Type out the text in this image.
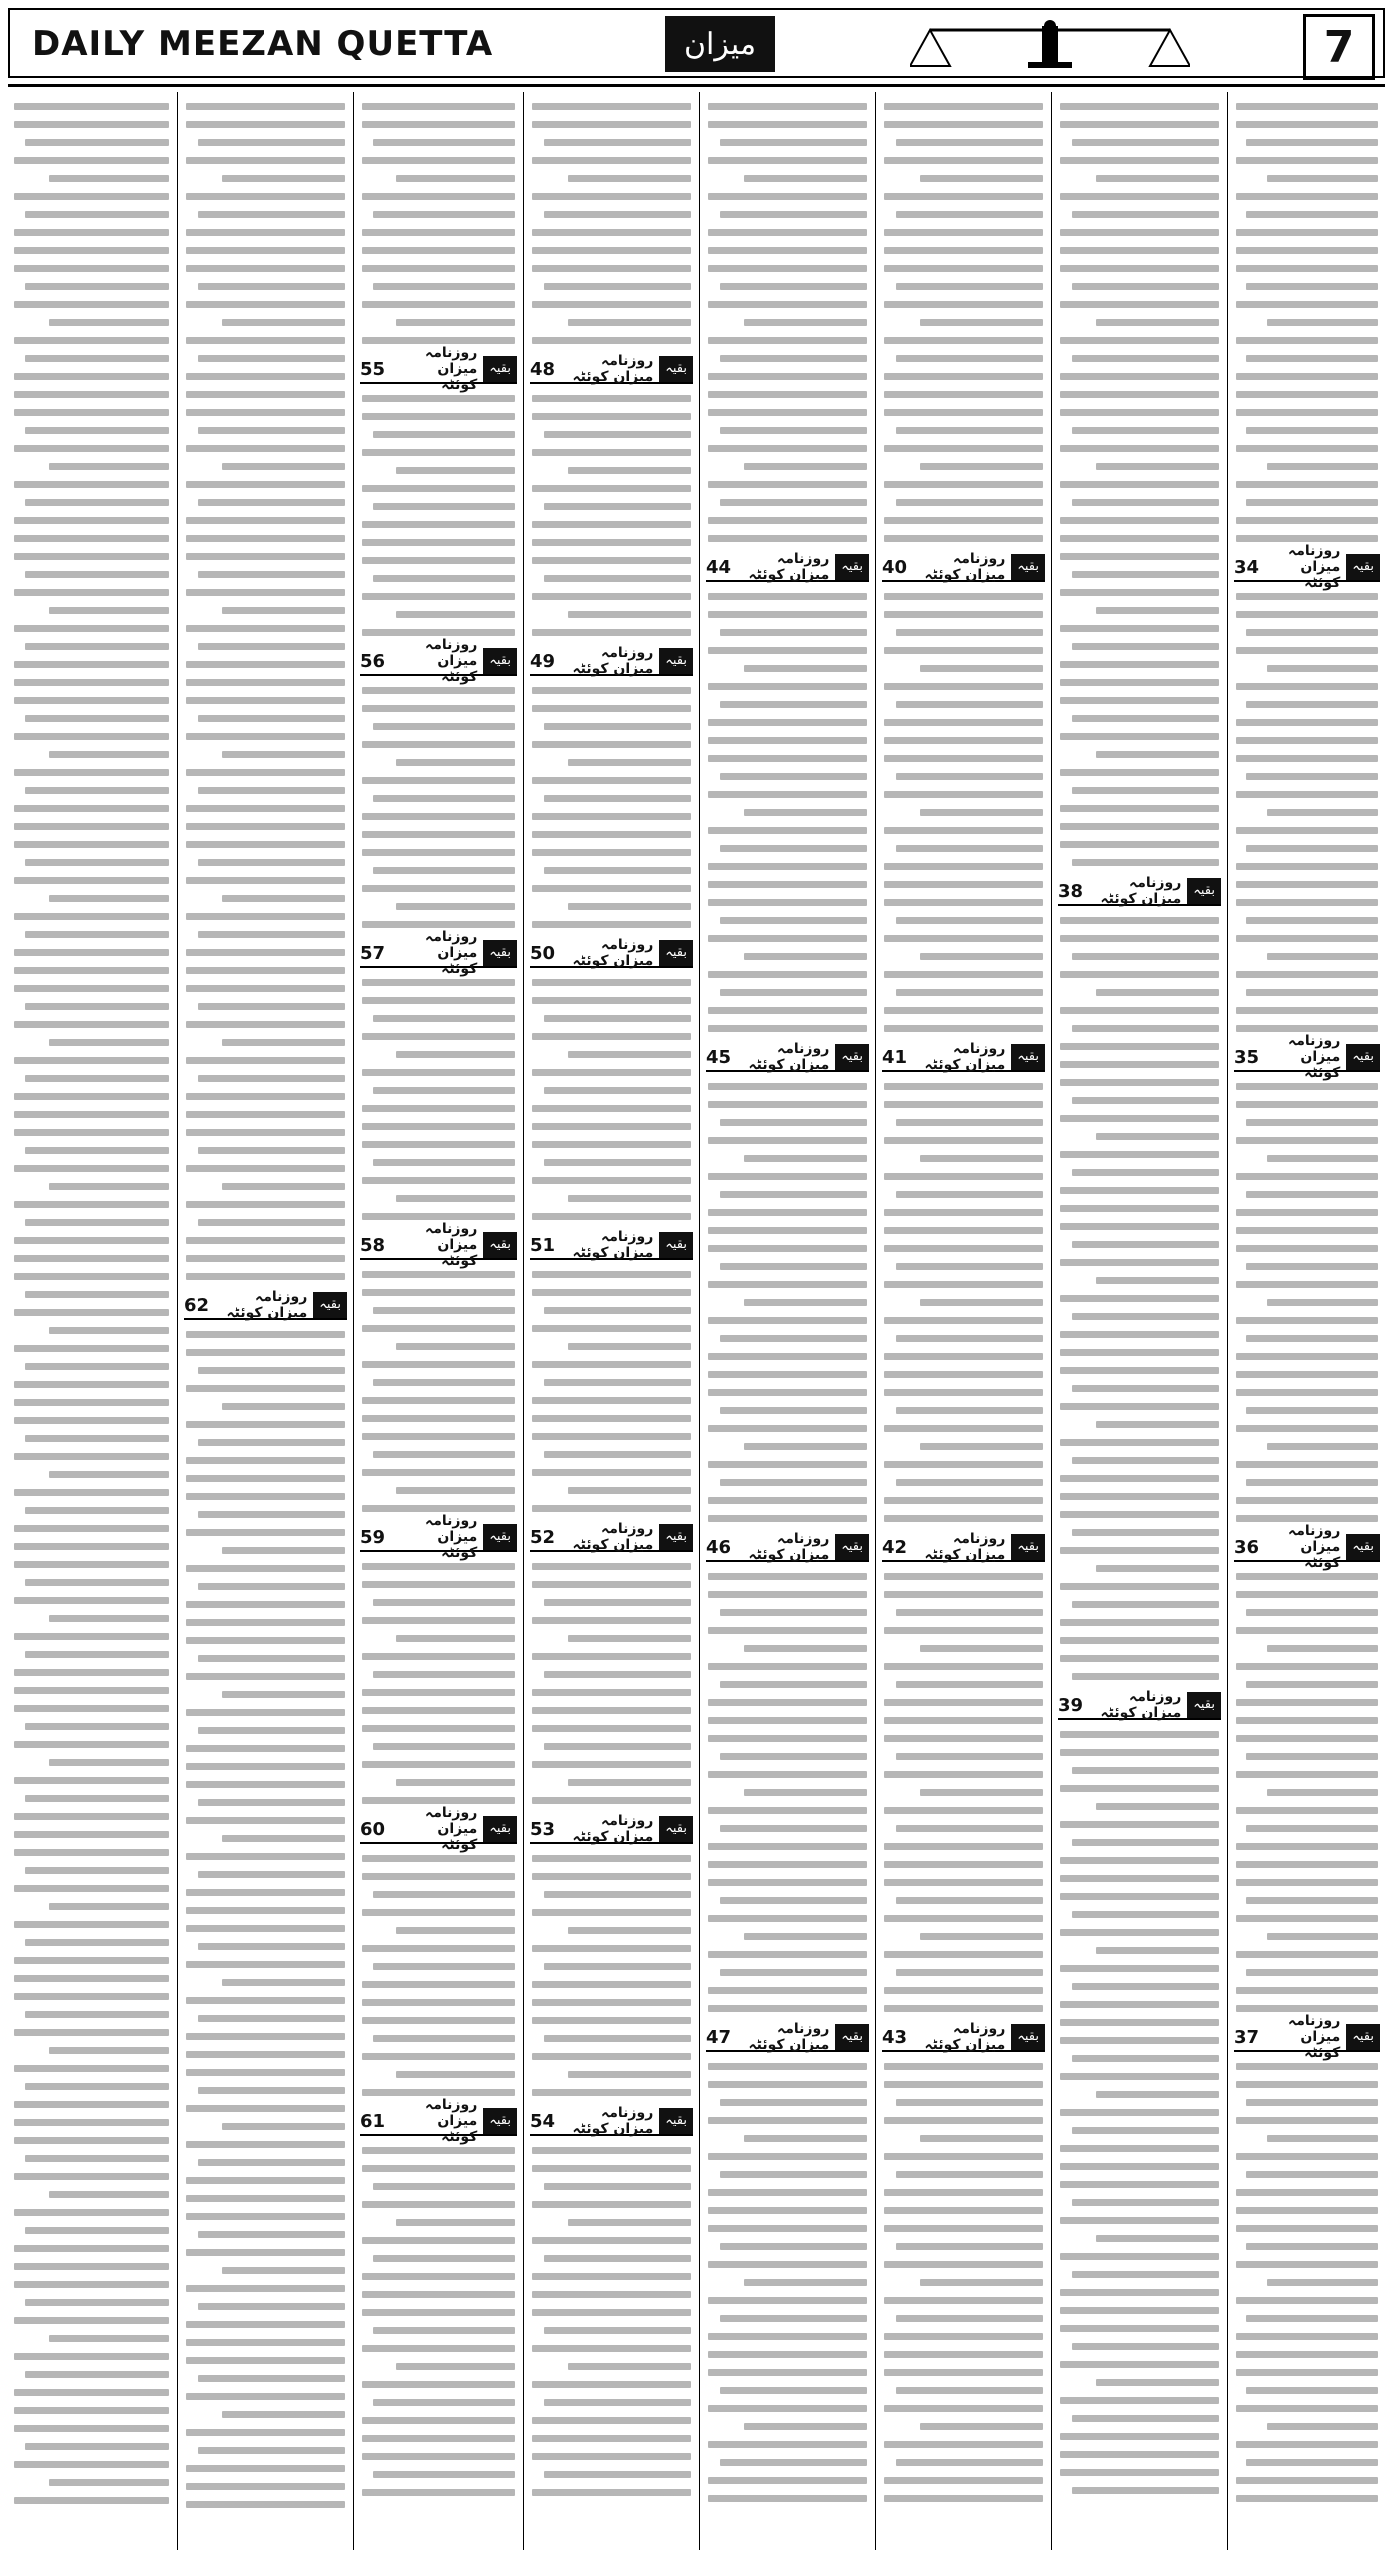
DAILY MEEZAN QUETTA	میزان	7
بقیہ
روزنامہ میزان کوئٹہ
34
بقیہ
روزنامہ میزان کوئٹہ
35
بقیہ
روزنامہ میزان کوئٹہ
36
بقیہ
روزنامہ میزان کوئٹہ
37
بقیہ
روزنامہ میزان کوئٹہ
38
بقیہ
روزنامہ میزان کوئٹہ
39
بقیہ
روزنامہ میزان کوئٹہ
40
بقیہ
روزنامہ میزان کوئٹہ
41
بقیہ
روزنامہ میزان کوئٹہ
42
بقیہ
روزنامہ میزان کوئٹہ
43
بقیہ
روزنامہ میزان کوئٹہ
44
بقیہ
روزنامہ میزان کوئٹہ
45
بقیہ
روزنامہ میزان کوئٹہ
46
بقیہ
روزنامہ میزان کوئٹہ
47
بقیہ
روزنامہ میزان کوئٹہ
48
بقیہ
روزنامہ میزان کوئٹہ
49
بقیہ
روزنامہ میزان کوئٹہ
50
بقیہ
روزنامہ میزان کوئٹہ
51
بقیہ
روزنامہ میزان کوئٹہ
52
بقیہ
روزنامہ میزان کوئٹہ
53
بقیہ
روزنامہ میزان کوئٹہ
54
بقیہ
روزنامہ میزان کوئٹہ
55
بقیہ
روزنامہ میزان کوئٹہ
56
بقیہ
روزنامہ میزان کوئٹہ
57
بقیہ
روزنامہ میزان کوئٹہ
58
بقیہ
روزنامہ میزان کوئٹہ
59
بقیہ
روزنامہ میزان کوئٹہ
60
بقیہ
روزنامہ میزان کوئٹہ
61
بقیہ
روزنامہ میزان کوئٹہ
62
